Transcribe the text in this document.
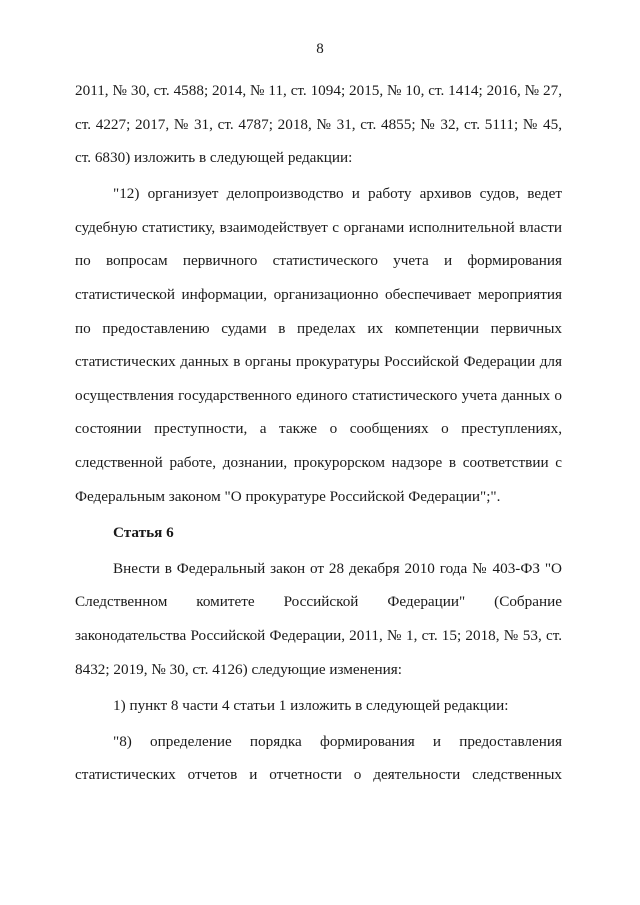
8

2011, № 30, ст. 4588; 2014, № 11, ст. 1094; 2015, № 10, ст. 1414; 2016, № 27, ст. 4227; 2017, № 31, ст. 4787; 2018, № 31, ст. 4855; № 32, ст. 5111; № 45, ст. 6830) изложить в следующей редакции:

"12) организует делопроизводство и работу архивов судов, ведет судебную статистику, взаимодействует с органами исполнительной власти по вопросам первичного статистического учета и формирования статистической информации, организационно обеспечивает мероприятия по предоставлению судами в пределах их компетенции первичных статистических данных в органы прокуратуры Российской Федерации для осуществления государственного единого статистического учета данных о состоянии преступности, а также о сообщениях о преступлениях, следственной работе, дознании, прокурорском надзоре в соответствии с Федеральным законом "О прокуратуре Российской Федерации";".

Статья 6

Внести в Федеральный закон от 28 декабря 2010 года № 403-ФЗ "О Следственном комитете Российской Федерации" (Собрание законодательства Российской Федерации, 2011, № 1, ст. 15; 2018, № 53, ст. 8432; 2019, № 30, ст. 4126) следующие изменения:

1) пункт 8 части 4 статьи 1 изложить в следующей редакции:

"8) определение порядка формирования и предоставления статистических отчетов и отчетности о деятельности следственных
